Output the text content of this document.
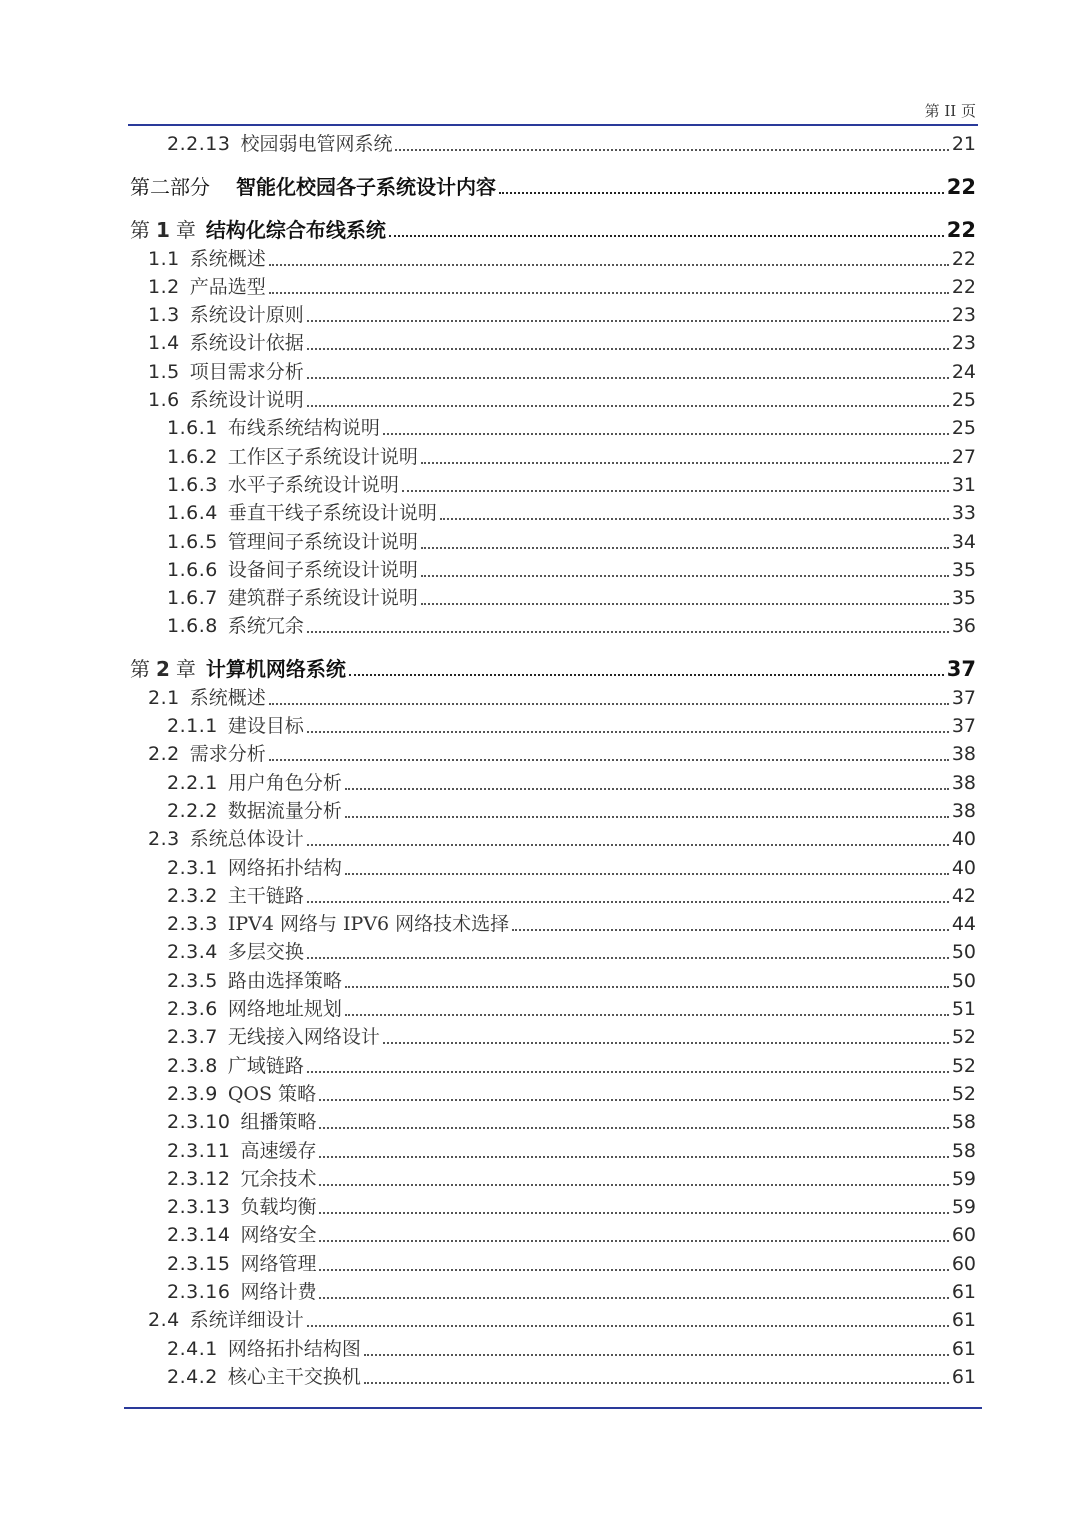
第 II 页
2.2.13 校园弱电管网系统	21
第二部分 智能化校园各子系统设计内容	22
第 1 章 结构化综合布线系统	22
1.1 系统概述	22
1.2 产品选型	22
1.3 系统设计原则	23
1.4 系统设计依据	23
1.5 项目需求分析	24
1.6 系统设计说明	25
1.6.1 布线系统结构说明	25
1.6.2 工作区子系统设计说明	27
1.6.3 水平子系统设计说明	31
1.6.4 垂直干线子系统设计说明	33
1.6.5 管理间子系统设计说明	34
1.6.6 设备间子系统设计说明	35
1.6.7 建筑群子系统设计说明	35
1.6.8 系统冗余	36
第 2 章 计算机网络系统	37
2.1 系统概述	37
2.1.1 建设目标	37
2.2 需求分析	38
2.2.1 用户角色分析	38
2.2.2 数据流量分析	38
2.3 系统总体设计	40
2.3.1 网络拓扑结构	40
2.3.2 主干链路	42
2.3.3 IPV4 网络与 IPV6 网络技术选择	44
2.3.4 多层交换	50
2.3.5 路由选择策略	50
2.3.6 网络地址规划	51
2.3.7 无线接入网络设计	52
2.3.8 广域链路	52
2.3.9 QOS 策略	52
2.3.10 组播策略	58
2.3.11 高速缓存	58
2.3.12 冗余技术	59
2.3.13 负载均衡	59
2.3.14 网络安全	60
2.3.15 网络管理	60
2.3.16 网络计费	61
2.4 系统详细设计	61
2.4.1 网络拓扑结构图	61
2.4.2 核心主干交换机	61
